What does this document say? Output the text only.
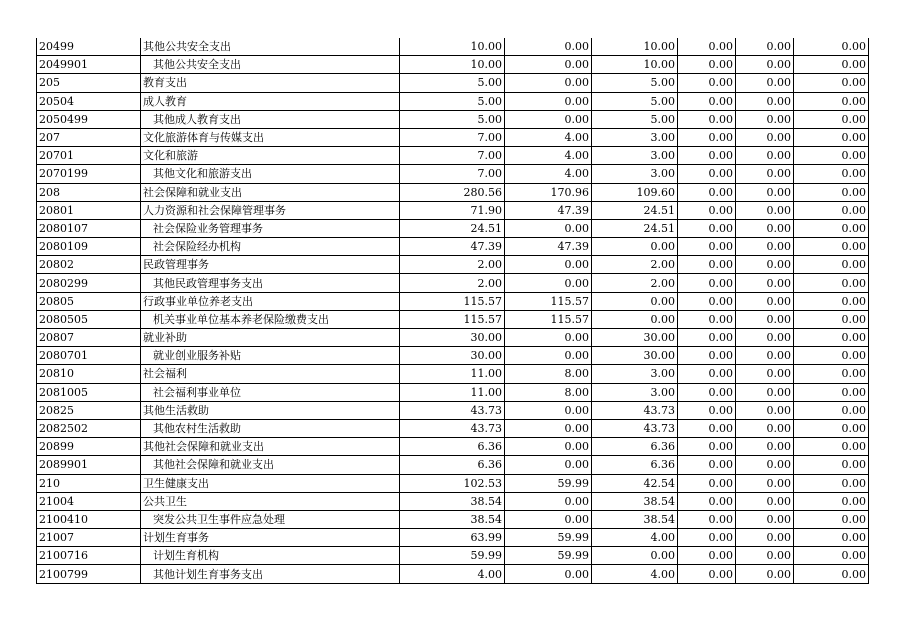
20499	其他公共安全支出	10.00	0.00	10.00	0.00	0.00	0.00
2049901	其他公共安全支出	10.00	0.00	10.00	0.00	0.00	0.00
205	教育支出	5.00	0.00	5.00	0.00	0.00	0.00
20504	成人教育	5.00	0.00	5.00	0.00	0.00	0.00
2050499	其他成人教育支出	5.00	0.00	5.00	0.00	0.00	0.00
207	文化旅游体育与传媒支出	7.00	4.00	3.00	0.00	0.00	0.00
20701	文化和旅游	7.00	4.00	3.00	0.00	0.00	0.00
2070199	其他文化和旅游支出	7.00	4.00	3.00	0.00	0.00	0.00
208	社会保障和就业支出	280.56	170.96	109.60	0.00	0.00	0.00
20801	人力资源和社会保障管理事务	71.90	47.39	24.51	0.00	0.00	0.00
2080107	社会保险业务管理事务	24.51	0.00	24.51	0.00	0.00	0.00
2080109	社会保险经办机构	47.39	47.39	0.00	0.00	0.00	0.00
20802	民政管理事务	2.00	0.00	2.00	0.00	0.00	0.00
2080299	其他民政管理事务支出	2.00	0.00	2.00	0.00	0.00	0.00
20805	行政事业单位养老支出	115.57	115.57	0.00	0.00	0.00	0.00
2080505	机关事业单位基本养老保险缴费支出	115.57	115.57	0.00	0.00	0.00	0.00
20807	就业补助	30.00	0.00	30.00	0.00	0.00	0.00
2080701	就业创业服务补贴	30.00	0.00	30.00	0.00	0.00	0.00
20810	社会福利	11.00	8.00	3.00	0.00	0.00	0.00
2081005	社会福利事业单位	11.00	8.00	3.00	0.00	0.00	0.00
20825	其他生活救助	43.73	0.00	43.73	0.00	0.00	0.00
2082502	其他农村生活救助	43.73	0.00	43.73	0.00	0.00	0.00
20899	其他社会保障和就业支出	6.36	0.00	6.36	0.00	0.00	0.00
2089901	其他社会保障和就业支出	6.36	0.00	6.36	0.00	0.00	0.00
210	卫生健康支出	102.53	59.99	42.54	0.00	0.00	0.00
21004	公共卫生	38.54	0.00	38.54	0.00	0.00	0.00
2100410	突发公共卫生事件应急处理	38.54	0.00	38.54	0.00	0.00	0.00
21007	计划生育事务	63.99	59.99	4.00	0.00	0.00	0.00
2100716	计划生育机构	59.99	59.99	0.00	0.00	0.00	0.00
2100799	其他计划生育事务支出	4.00	0.00	4.00	0.00	0.00	0.00
